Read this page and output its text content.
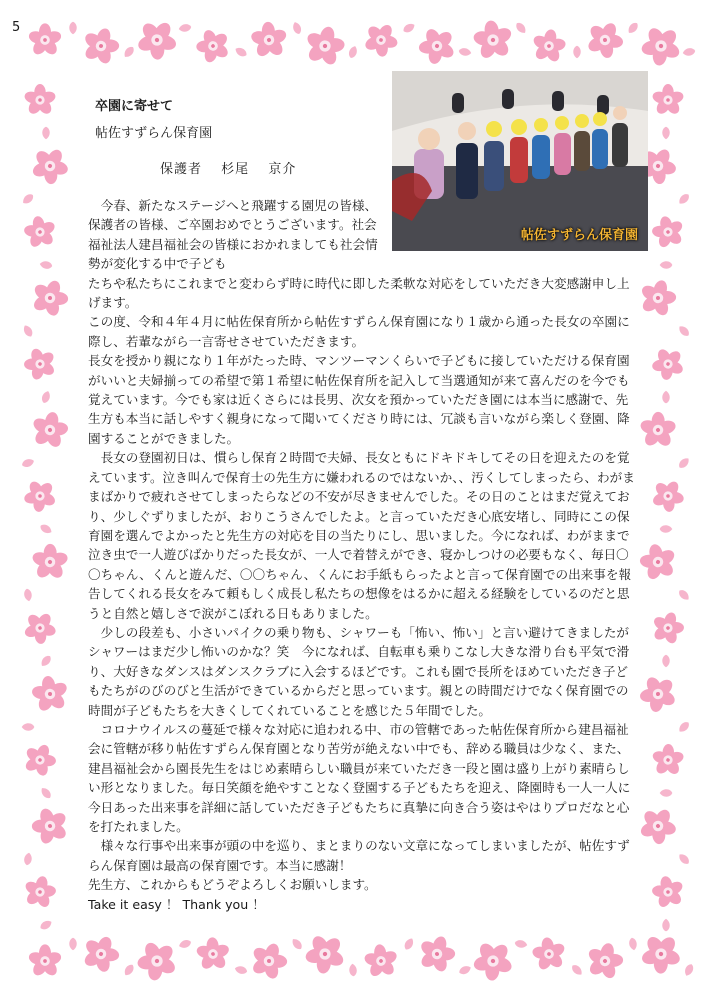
5
卒園に寄せて
帖佐すずらん保育園
保護者 杉尾 京介
帖佐すずらん保育園

　今春、新たなステージへと飛躍する園児の皆様、保護者の皆様、ご卒園おめでとうございます。社会福祉法人建昌福祉会の皆様におかれましても社会情勢が変化する中で子ども

たちや私たちにこれまでと変わらず時に時代に即した柔軟な対応をしていただき大変感謝申し上げます。

この度、令和４年４月に帖佐保育所から帖佐すずらん保育園になり１歳から通った長女の卒園に際し、若輩ながら一言寄せさせていただきます。

長女を授かり親になり１年がたった時、マンツーマンくらいで子どもに接していただける保育園がいいと夫婦揃っての希望で第１希望に帖佐保育所を記入して当選通知が来て喜んだのを今でも覚えています。今でも家は近くさらには長男、次女を預かっていただき園には本当に感謝で、先生方も本当に話しやすく親身になって聞いてくださり時には、冗談も言いながら楽しく登園、降園することができました。

　長女の登園初日は、慣らし保育２時間で夫婦、長女ともにドキドキしてその日を迎えたのを覚えています。泣き叫んで保育士の先生方に嫌われるのではないか、、汚くしてしまったら、わがままばかりで疲れさせてしまったらなどの不安が尽きませんでした。その日のことはまだ覚えており、少しぐずりましたが、おりこうさんでしたよ。と言っていただき心底安堵し、同時にこの保育園を選んでよかったと先生方の対応を目の当たりにし、思いました。今になれば、わがままで泣き虫で一人遊びばかりだった長女が、一人で着替えができ、寝かしつけの必要もなく、毎日〇〇ちゃん、くんと遊んだ、〇〇ちゃん、くんにお手紙もらったよと言って保育園での出来事を報告してくれる長女をみて頼もしく成長し私たちの想像をはるかに超える経験をしているのだと思うと自然と嬉しさで涙がこぼれる日もありました。

　少しの段差も、小さいパイクの乗り物も、シャワーも「怖い、怖い」と言い避けてきましたがシャワーはまだ少し怖いのかな？笑　今になれば、自転車も乗りこなし大きな滑り台も平気で滑り、大好きなダンスはダンスクラブに入会するほどです。これも園で長所をほめていただき子どもたちがのびのびと生活ができているからだと思っています。親との時間だけでなく保育園での時間が子どもたちを大きくしてくれていることを感じた５年間でした。

　コロナウイルスの蔓延で様々な対応に追われる中、市の管轄であった帖佐保育所から建昌福祉会に管轄が移り帖佐すずらん保育園となり苦労が絶えない中でも、辞める職員は少なく、また、建昌福祉会から園長先生をはじめ素晴らしい職員が来ていただき一段と園は盛り上がり素晴らしい形となりました。毎日笑顔を絶やすことなく登園する子どもたちを迎え、降園時も一人一人に今日あった出来事を詳細に話していただき子どもたちに真摯に向き合う姿はやはりプロだなと心を打たれました。

　様々な行事や出来事が頭の中を巡り、まとまりのない文章になってしまいましたが、帖佐すずらん保育園は最高の保育園です。本当に感謝！

先生方、これからもどうぞよろしくお願いします。

Take it easy ！ Thank you ！
